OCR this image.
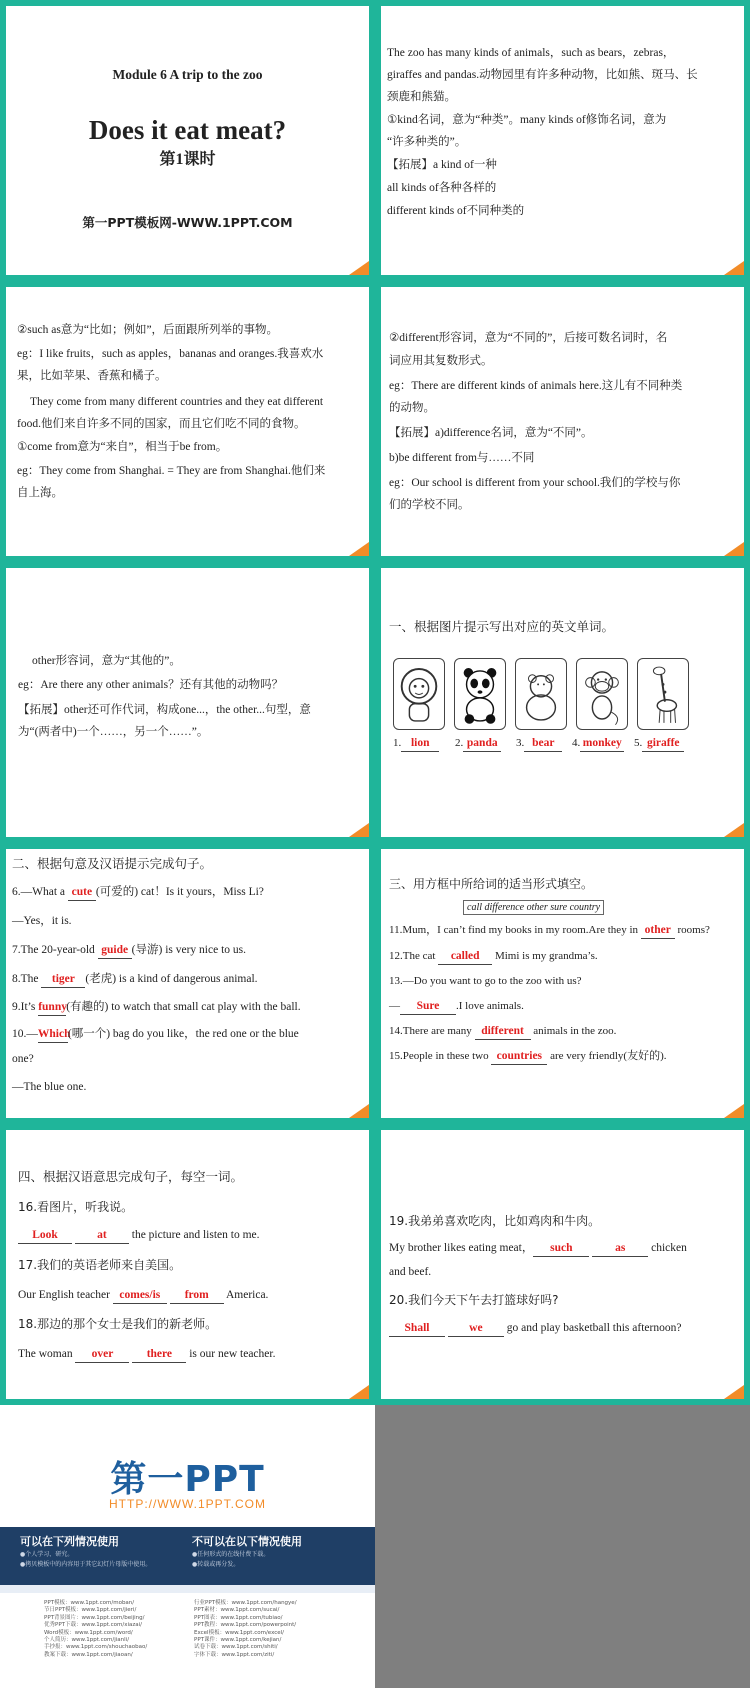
Module 6 A trip to the zoo
Does it eat meat?
第1课时
第一PPT模板网-WWW.1PPT.COM
The zoo has many kinds of animals，such as bears，zebras，
giraffes and pandas.动物园里有许多种动物，比如熊、斑马、长
颈鹿和熊猫。
①kind名词，意为“种类”。many kinds of修饰名词，意为
“许多种类的”。
【拓展】a kind of一种
all kinds of各种各样的
different kinds of不同种类的
②such as意为“比如；例如”，后面跟所列举的事物。
eg：I like fruits，such as apples，bananas and oranges.我喜欢水
果，比如苹果、香蕉和橘子。
They come from many different countries and they eat different
food.他们来自许多不同的国家，而且它们吃不同的食物。
①come from意为“来自”，相当于be from。
eg：They come from Shanghai. = They are from Shanghai.他们来
自上海。
②different形容词，意为“不同的”，后接可数名词时，名
词应用其复数形式。
eg：There are different kinds of animals here.这儿有不同种类
的动物。
【拓展】a)difference名词，意为“不同”。
b)be different from与……不同
eg：Our school is different from your school.我们的学校与你
们的学校不同。
other形容词，意为“其他的”。
eg：Are there any other animals？还有其他的动物吗？
【拓展】other还可作代词，构成one...，the other...句型，意
为“(两者中)一个……，另一个……”。
一、根据图片提示写出对应的英文单词。
1. lion	2. panda	3. bear	4. monkey 5. giraffe
二、根据句意及汉语提示完成句子。
6.—What a cute (可爱的) cat！Is it yours，Miss Li?
—Yes，it is.
7.The 20-year-old guide (导游) is very nice to us.
8.The tiger (老虎) is a kind of dangerous animal.
9.It’s funny(有趣的) to watch that small cat play with the ball.
10.—Which(哪一个) bag do you like，the red one or the blue
one?
—The blue one.
三、用方框中所给词的适当形式填空。
call difference other sure country
11.Mum，I can’t find my books in my room.Are they in other rooms?
12.The cat called Mimi is my grandma’s.
13.—Do you want to go to the zoo with us?
— Sure .I love animals.
14.There are many different animals in the zoo.
15.People in these two countries are very friendly(友好的).
四、根据汉语意思完成句子，每空一词。
16.看图片，听我说。
Look	at the picture and listen to me.
17.我们的英语老师来自美国。
Our English teacher comes/is from America.
18.那边的那个女士是我们的新老师。
The woman over	there is our new teacher.
19.我弟弟喜欢吃肉，比如鸡肉和牛肉。
My brother likes eating meat， such	as chicken
and beef.
20.我们今天下午去打篮球好吗?
Shall	we go and play basketball this afternoon?
第一PPT
HTTP://WWW.1PPT.COM
可以在下列情况使用
●个人学习、研究。
●拷贝模板中的内容用于其它幻灯片母版中使用。
不可以在以下情况使用
●任何形式的在线付费下载。
●转载或再分发。
PPT模板：www.1ppt.com/moban/
节日PPT模板：www.1ppt.com/jieri/
PPT背景图片：www.1ppt.com/beijing/
优秀PPT下载：www.1ppt.com/xiazai/
Word模板：www.1ppt.com/word/
个人简历：www.1ppt.com/jianli/
手抄报：www.1ppt.com/shouchaobao/
教案下载：www.1ppt.com/jiaoan/
行业PPT模板：www.1ppt.com/hangye/
PPT素材：www.1ppt.com/sucai/
PPT图表：www.1ppt.com/tubiao/
PPT教程：www.1ppt.com/powerpoint/
Excel模板：www.1ppt.com/excel/
PPT课件：www.1ppt.com/kejian/
试卷下载：www.1ppt.com/shiti/
字体下载：www.1ppt.com/ziti/
